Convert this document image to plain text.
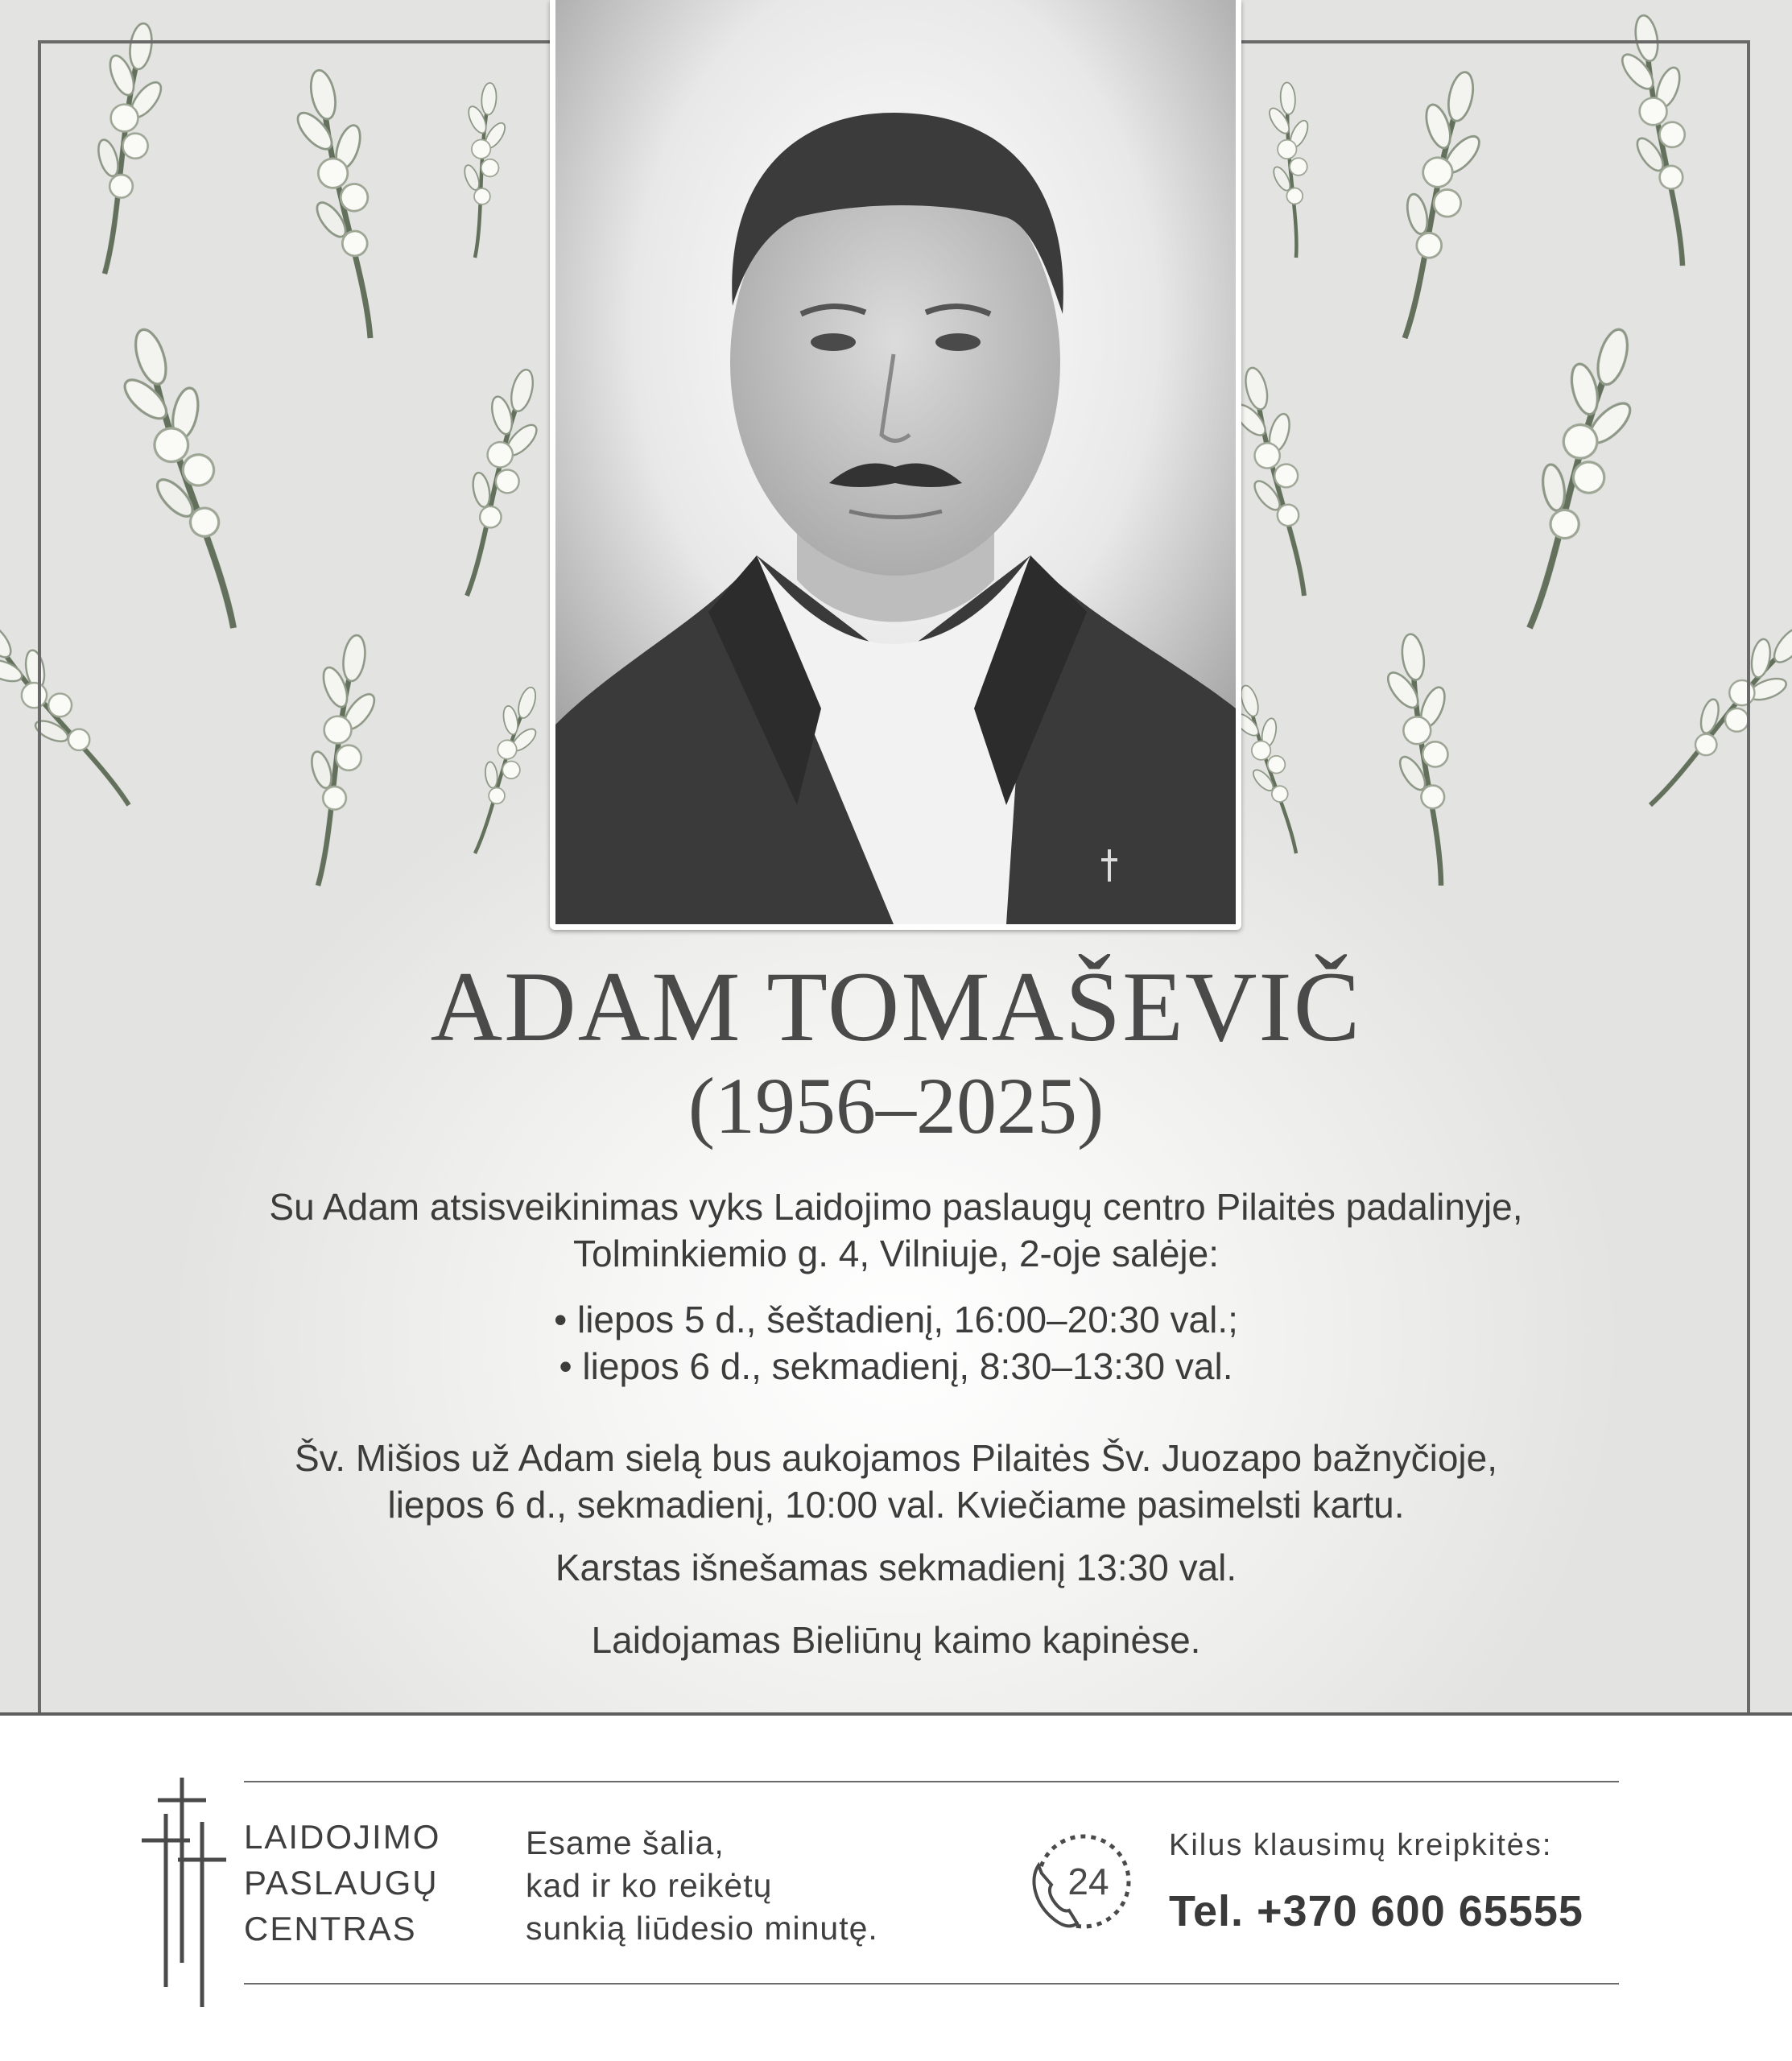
ADAM TOMAŠEVIČ
(1956–2025)
Su Adam atsisveikinimas vyks Laidojimo paslaugų centro Pilaitės padalinyje,
Tolminkiemio g. 4, Vilniuje, 2-oje salėje:
• liepos 5 d., šeštadienį, 16:00–20:30 val.;
• liepos 6 d., sekmadienį, 8:30–13:30 val.
Šv. Mišios už Adam sielą bus aukojamos Pilaitės Šv. Juozapo bažnyčioje,
liepos 6 d., sekmadienį, 10:00 val. Kviečiame pasimelsti kartu.
Karstas išnešamas sekmadienį 13:30 val.
Laidojamas Bieliūnų kaimo kapinėse.
LAIDOJIMO
PASLAUGŲ
CENTRAS
Esame šalia,
kad ir ko reikėtų
sunkią liūdesio minutę.
24
Kilus klausimų kreipkitės:
Tel. +370 600 65555
